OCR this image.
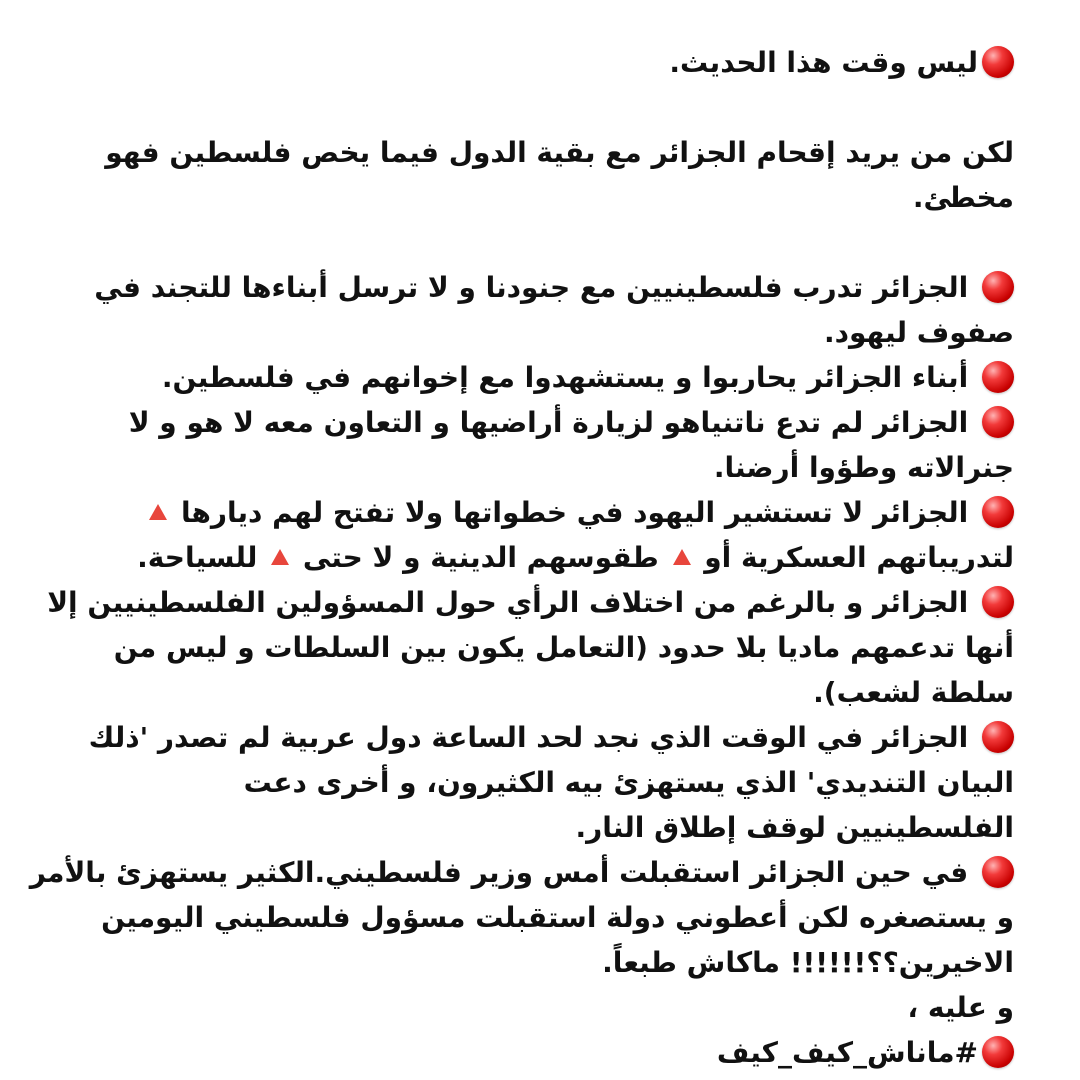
ليس وقت هذا الحديث.
لكن من يريد إقحام الجزائر مع بقية الدول فيما يخص فلسطين فهو
مخطئ.
الجزائر تدرب فلسطينيين مع جنودنا و لا ترسل أبناءها للتجند في
صفوف ليهود.
أبناء الجزائر يحاربوا و يستشهدوا مع إخوانهم في فلسطين.
الجزائر لم تدع ناتنياهو لزيارة أراضيها و التعاون معه لا هو و لا
جنرالاته وطؤوا أرضنا.
الجزائر لا تستشير اليهود في خطواتها ولا تفتح لهم ديارها
لتدريباتهم العسكرية أو  طقوسهم الدينية و لا حتى  للسياحة.
الجزائر و بالرغم من اختلاف الرأي حول المسؤولين الفلسطينيين إلا
أنها تدعمهم ماديا بلا حدود (التعامل يكون بين السلطات و ليس من
سلطة لشعب).
الجزائر في الوقت الذي نجد لحد الساعة دول عربية لم تصدر 'ذلك
البيان التنديدي' الذي يستهزئ بيه الكثيرون، و أخرى دعت
الفلسطينيين لوقف إطلاق النار.
في حين الجزائر استقبلت أمس وزير فلسطيني.الكثير يستهزئ بالأمر
و يستصغره لكن أعطوني دولة استقبلت مسؤول فلسطيني اليومين
الاخيرين؟؟!!!!!! ماكاش طبعاً.
و عليه ،
#ماناش_كيف_كيف
